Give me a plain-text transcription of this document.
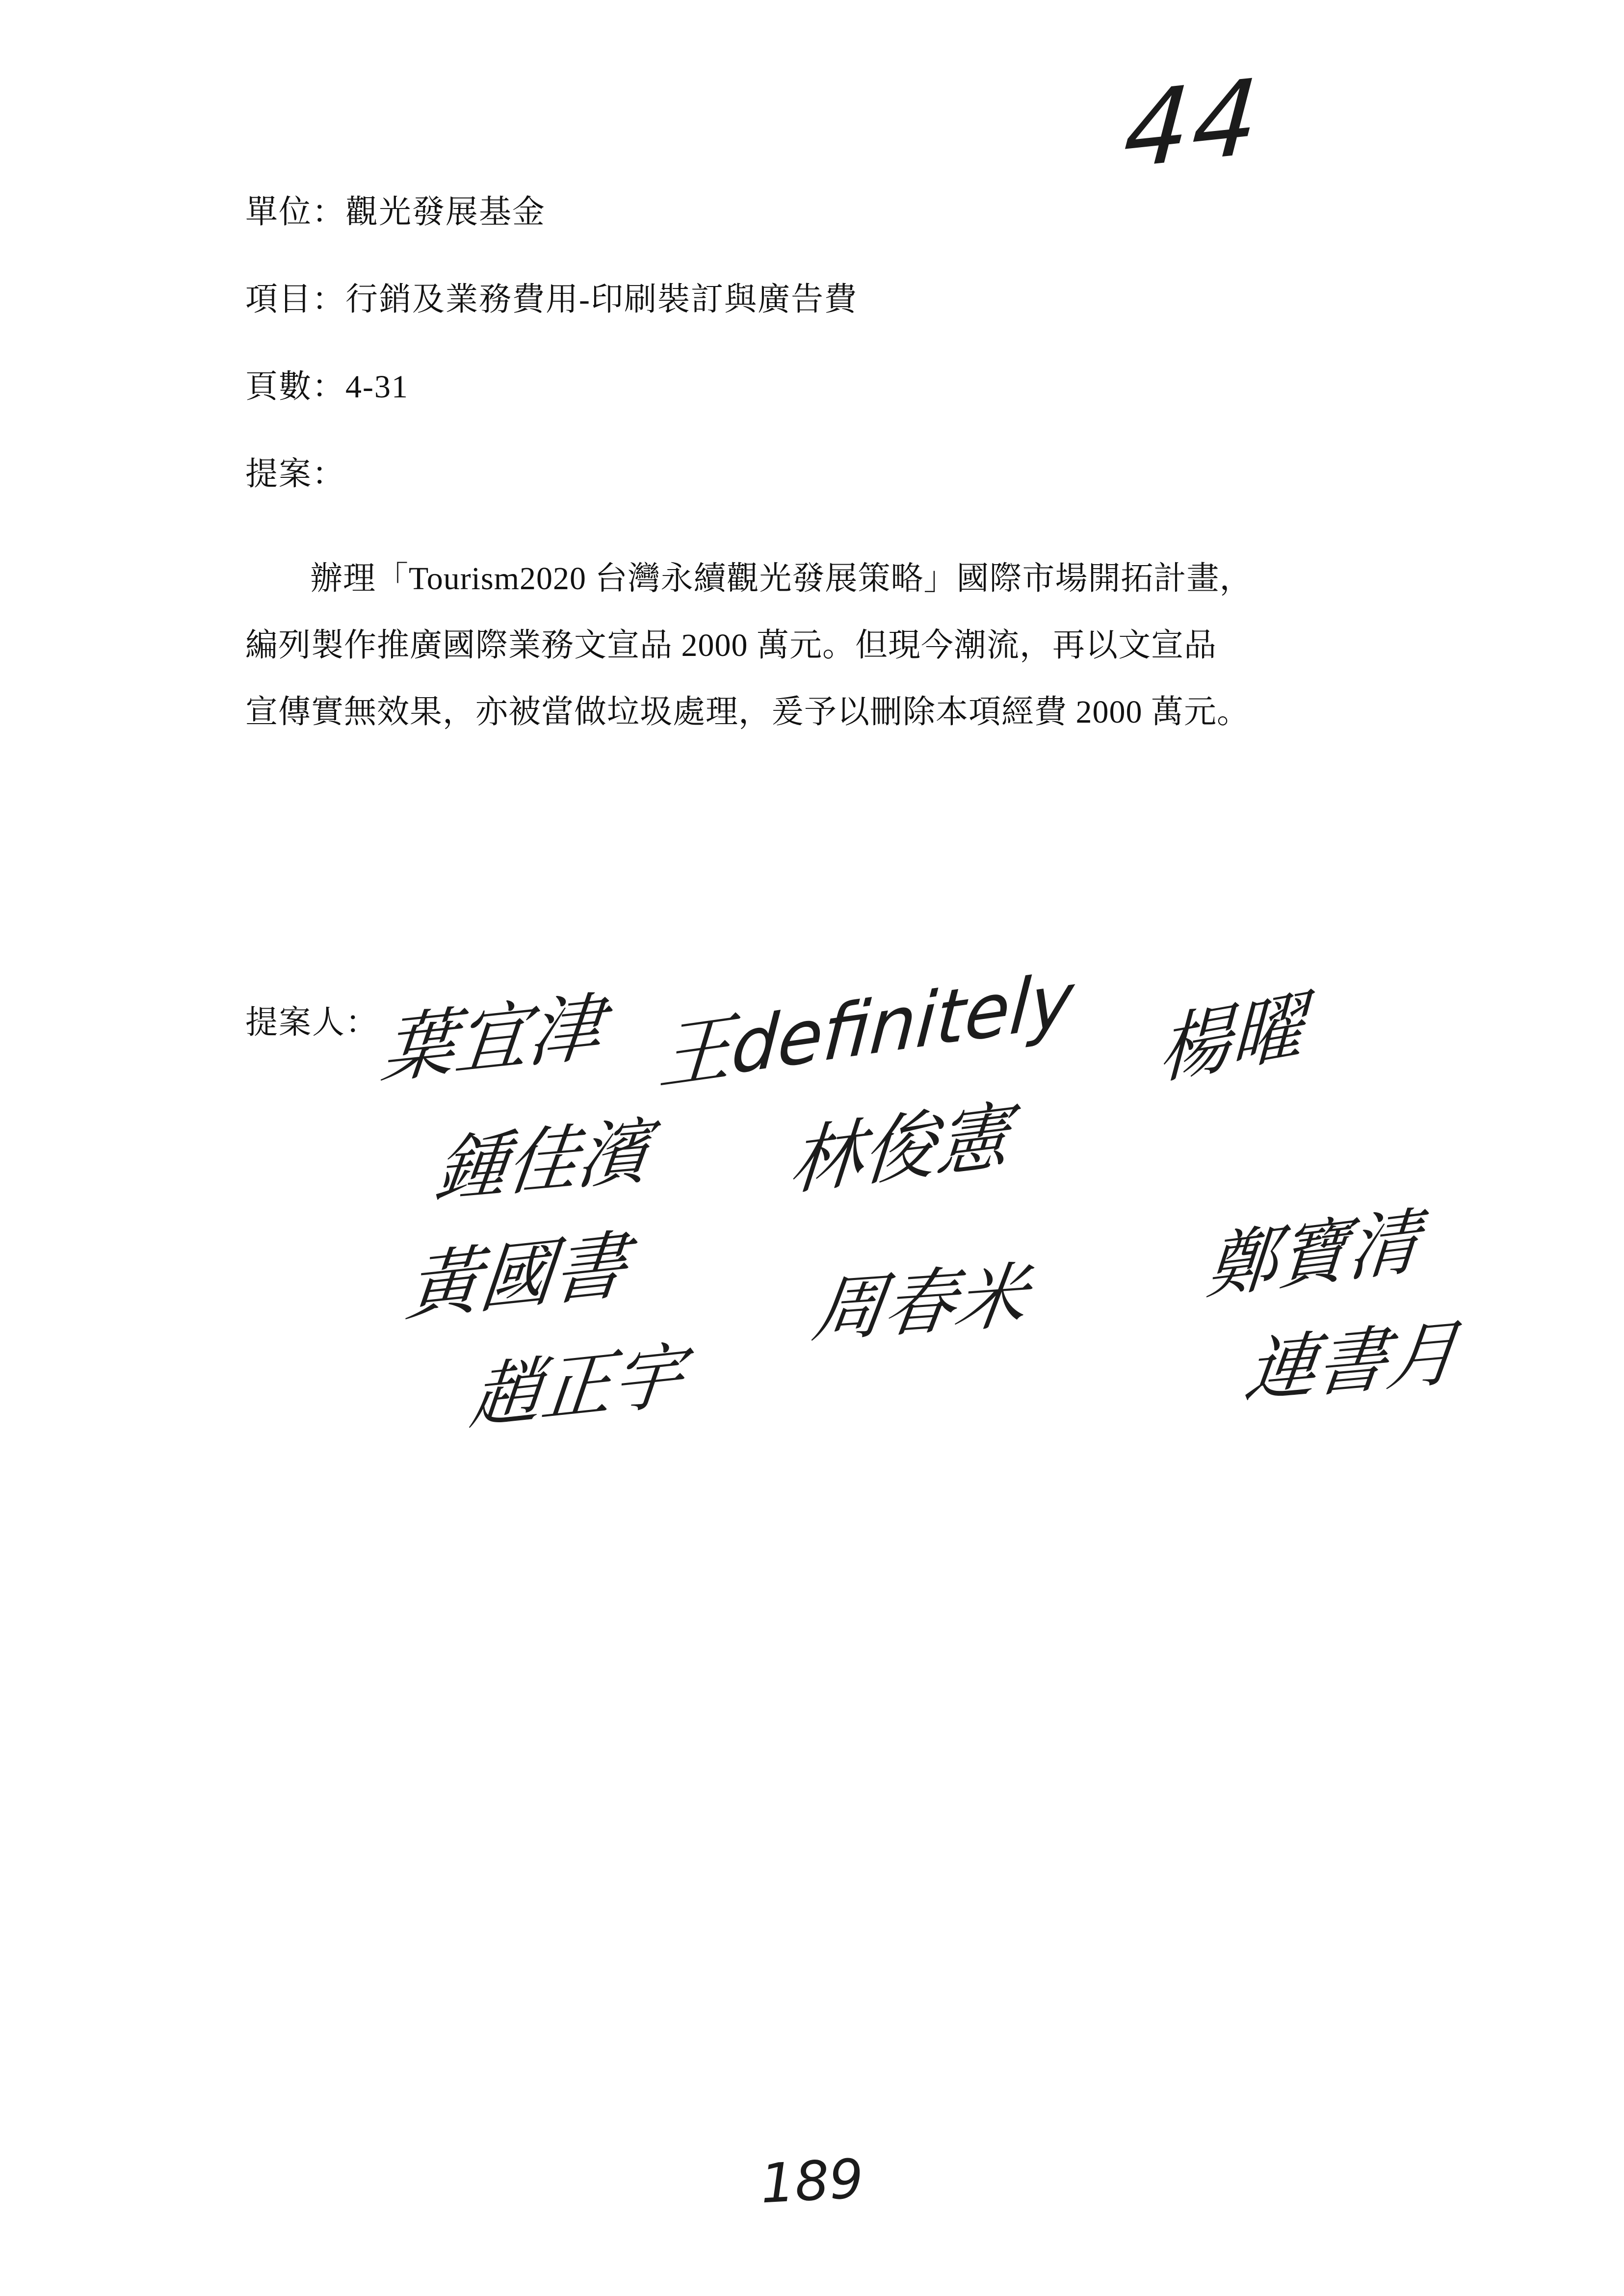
44
單位：觀光發展基金
項目：行銷及業務費用-印刷裝訂與廣告費
頁數：4-31
提案：
辦理「Tourism2020 台灣永續觀光發展策略」國際市場開拓計畫，
編列製作推廣國際業務文宣品 2000 萬元。但現今潮流，再以文宣品
宣傳實無效果，亦被當做垃圾處理，爰予以刪除本項經費 2000 萬元。
提案人：
葉宜津 王definitely 楊曜
鍾佳濱 林俊憲
黃國書 周春米 鄭寶清
連書月
趙正宇
189
